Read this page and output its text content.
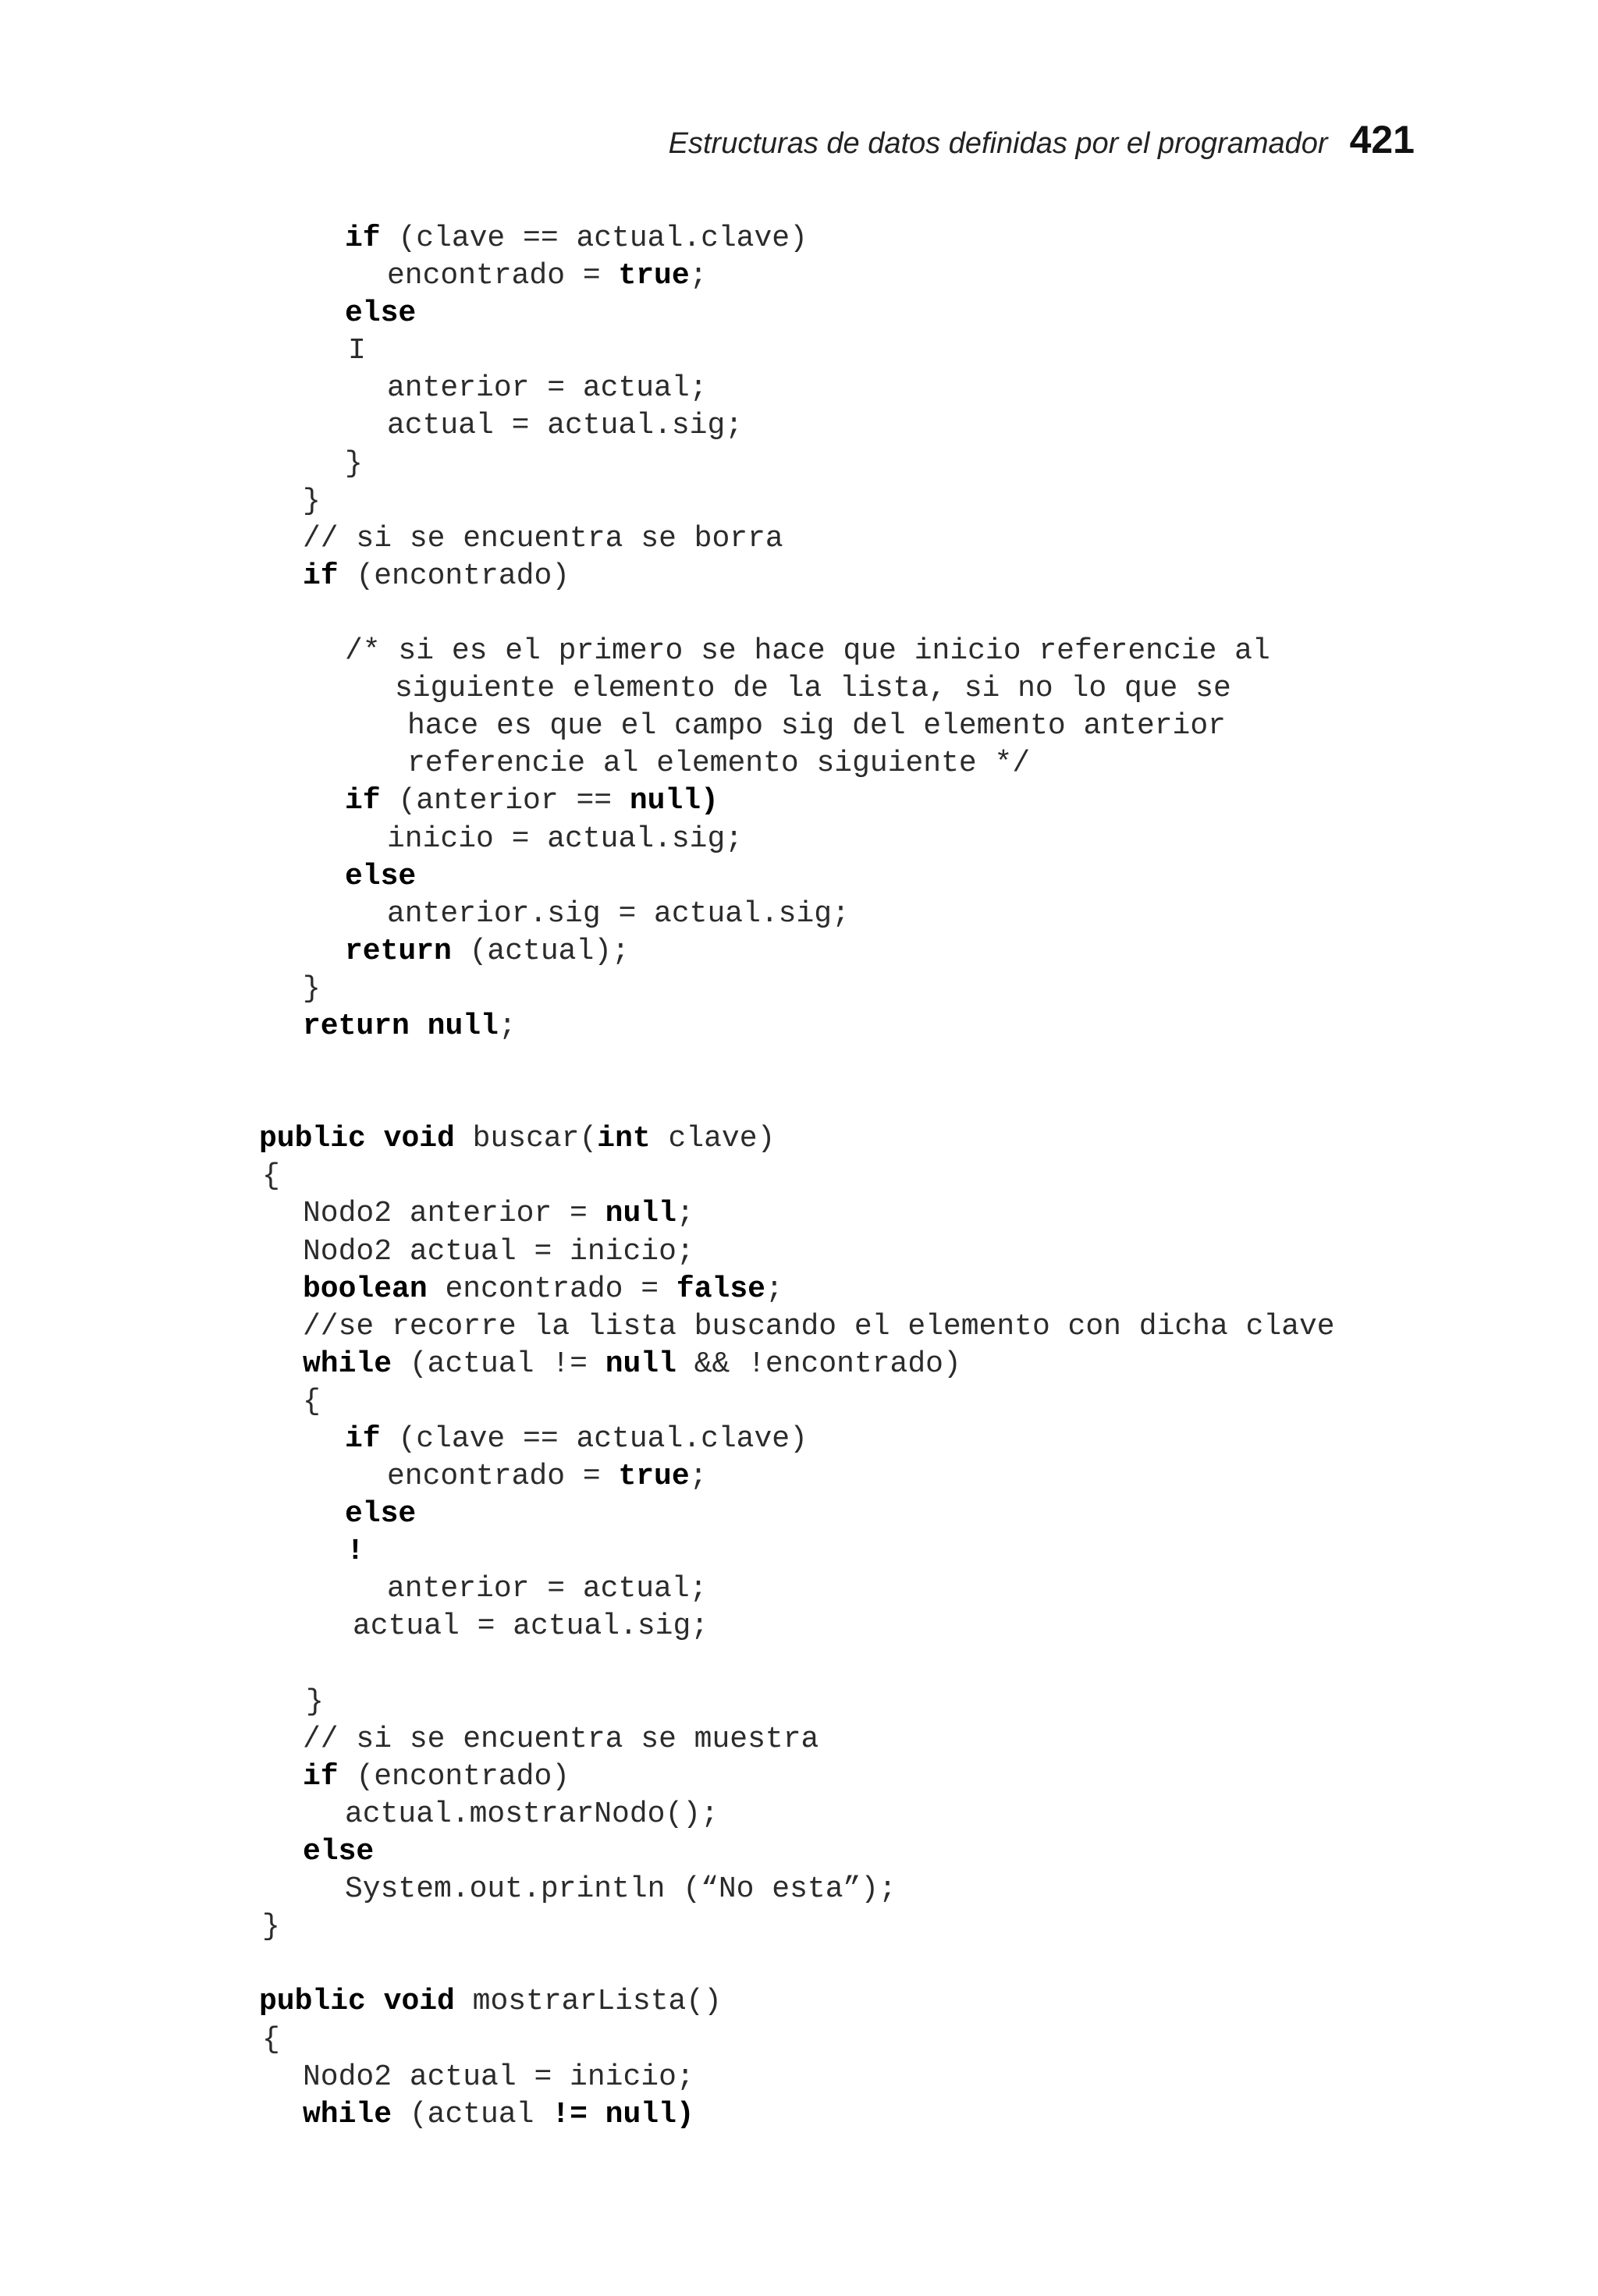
Estructuras de datos definidas por el programador 421
if (clave == actual.clave)
encontrado = true;
else
I
anterior = actual;
actual = actual.sig;
}
}
// si se encuentra se borra
if (encontrado)
/* si es el primero se hace que inicio referencie al
siguiente elemento de la lista, si no lo que se
hace es que el campo sig del elemento anterior
referencie al elemento siguiente */
if (anterior == null)
inicio = actual.sig;
else
anterior.sig = actual.sig;
return (actual);
}
return null;
public void buscar(int clave)
{
Nodo2 anterior = null;
Nodo2 actual = inicio;
boolean encontrado = false;
//se recorre la lista buscando el elemento con dicha clave
while (actual != null && !encontrado)
{
if (clave == actual.clave)
encontrado = true;
else
!
anterior = actual;
actual = actual.sig;
}
// si se encuentra se muestra
if (encontrado)
actual.mostrarNodo();
else
System.out.println (“No esta”);
}
public void mostrarLista()
{
Nodo2 actual = inicio;
while (actual != null)
